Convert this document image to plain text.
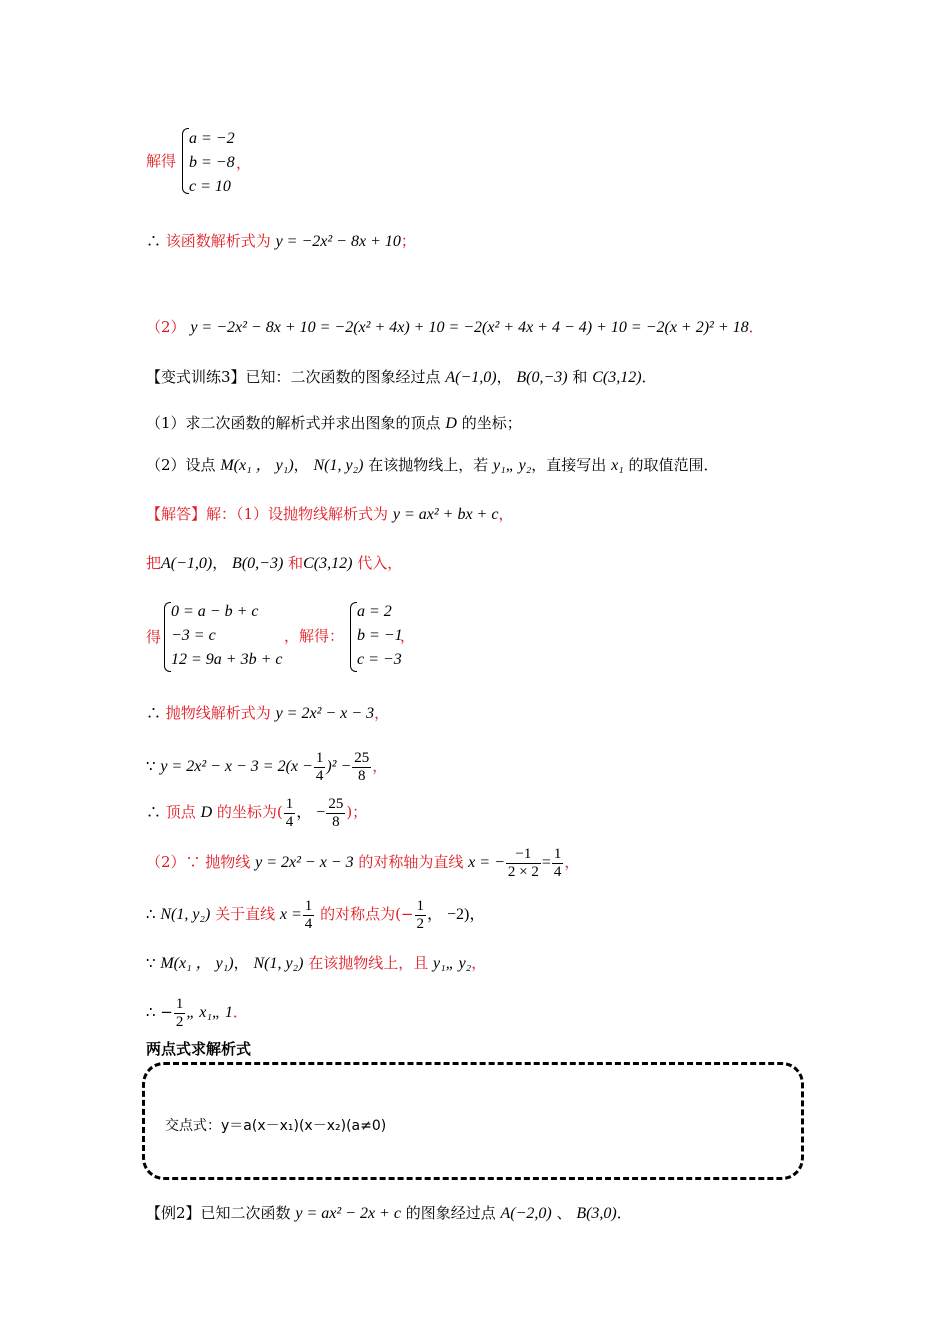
解得
a = −2
b = −8
c = 10
，
∴ 该函数解析式为 y = −2x² − 8x + 10；
（2） y = −2x² − 8x + 10 = −2(x² + 4x) + 10 = −2(x² + 4x + 4 − 4) + 10 = −2(x + 2)² + 18．
【变式训练3】已知：二次函数的图象经过点 A(−1,0)， B(0,−3) 和 C(3,12)．
（1）求二次函数的解析式并求出图象的顶点 D 的坐标；
（2）设点 M(x₁ ， y₁)， N(1, y₂) 在该抛物线上，若 y₁„ y₂，直接写出 x₁ 的取值范围．
【解答】解：（1）设抛物线解析式为 y = ax² + bx + c，
把A(−1,0)， B(0,−3) 和C(3,12) 代入，
得
0 = a − b + c
−3 = c
12 = 9a + 3b + c
，解得：
a = 2
b = −1
c = −3
，
∴ 抛物线解析式为 y = 2x² − x − 3，
∵ $y = 2x^2 - x - 3 = 2(x - \frac{1}{4} )^2 - \frac{25}{8}$ ，
∴ 顶点 D 的坐标为( $\frac{1}{4}$ ， − $\frac{25}{8}$ )；
（2）∵ 抛物线 y = 2x² − x − 3 的对称轴为直线 x = − $\frac{-1}{2 \times 2} = \frac{1}{4}$ ，
∴ N(1, y₂) 关于直线 $x = \frac{1}{4}$ 的对称点为(− $\frac{1}{2}$ ， −2)，
∵ M(x₁ ， y₁)， N(1, y₂) 在该抛物线上，且 y₁„ y₂，
∴ − $\frac{1}{2}$ „ x₁„ 1．
两点式求解析式
交点式：y＝a(x－x₁)(x－x₂)(a≠0)
【例2】已知二次函数 y = ax² − 2x + c 的图象经过点 A(−2,0) 、 B(3,0)．
